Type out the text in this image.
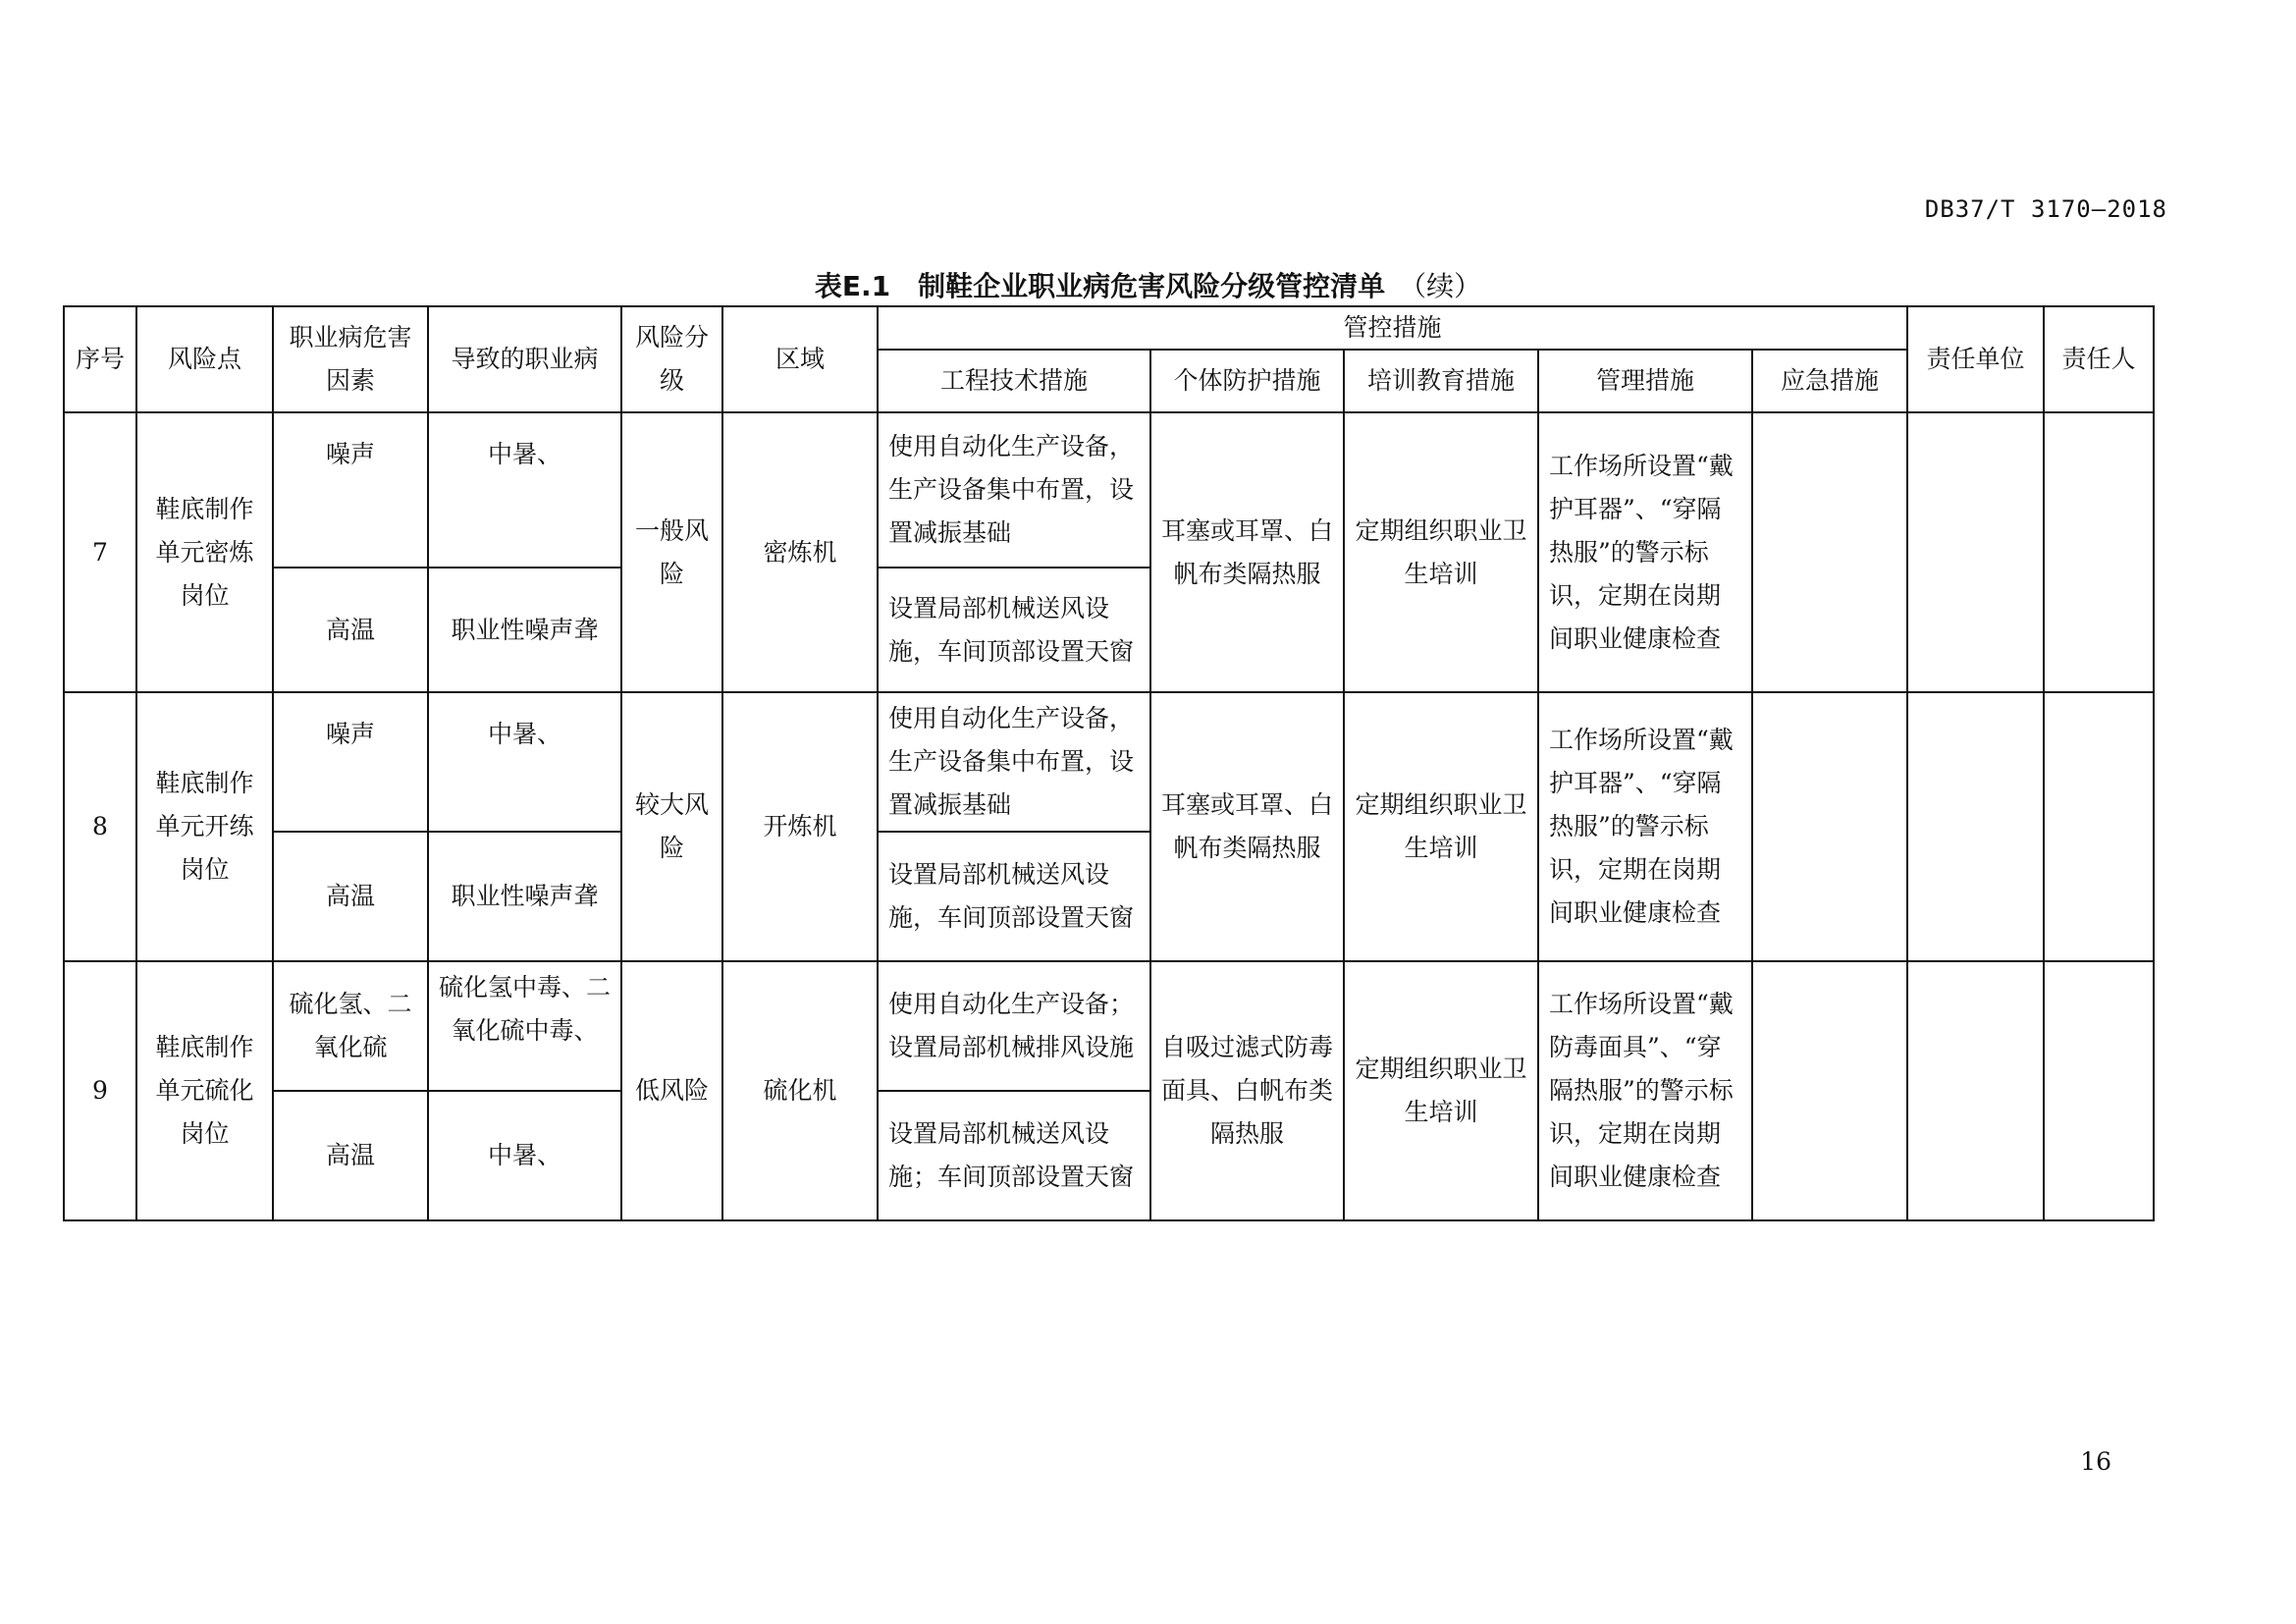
DB37/T 3170—2018
表E.1　制鞋企业职业病危害风险分级管控清单 （续）
序号	风险点	职业病危害因素	导致的职业病	风险分级	区域	管控措施					责任单位	责任人
						工程技术措施	个体防护措施	培训教育措施	管理措施	应急措施		
7	鞋底制作单元密炼岗位	噪声	中暑、	一般风险	密炼机	使用自动化生产设备，生产设备集中布置，设置减振基础	耳塞或耳罩、白帆布类隔热服	定期组织职业卫生培训	工作场所设置“戴护耳器”、“穿隔热服”的警示标识，定期在岗期间职业健康检查			
		高温	职业性噪声聋			设置局部机械送风设施，车间顶部设置天窗						
8	鞋底制作单元开练岗位	噪声	中暑、	较大风险	开炼机	使用自动化生产设备，生产设备集中布置，设置减振基础	耳塞或耳罩、白帆布类隔热服	定期组织职业卫生培训	工作场所设置“戴护耳器”、“穿隔热服”的警示标识，定期在岗期间职业健康检查			
		高温	职业性噪声聋			设置局部机械送风设施，车间顶部设置天窗						
9	鞋底制作单元硫化岗位	硫化氢、二氧化硫	硫化氢中毒、二氧化硫中毒、	低风险	硫化机	使用自动化生产设备；设置局部机械排风设施	自吸过滤式防毒面具、白帆布类隔热服	定期组织职业卫生培训	工作场所设置“戴防毒面具”、“穿隔热服”的警示标识，定期在岗期间职业健康检查			
		高温	中暑、			设置局部机械送风设施；车间顶部设置天窗						
16
